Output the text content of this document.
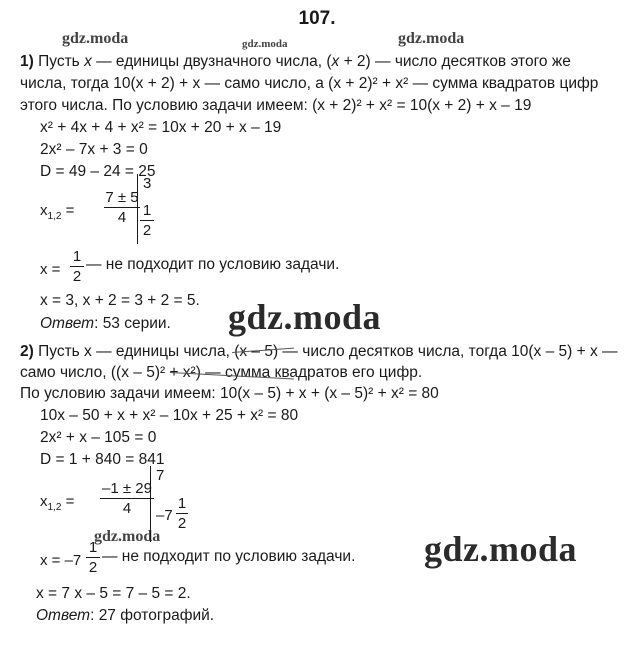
107.
gdz.moda	gdz.moda	gdz.moda
gdz.moda
gdz.moda	gdz.moda
1) Пусть x — единицы двузначного числа, (x + 2) — число десятков этого же
числа, тогда 10(x + 2) + x — само число, а (x + 2)² + x² — сумма квадратов цифр
этого числа. По условию задачи имеем: (x + 2)² + x² = 10(x + 2) + x – 19
x² + 4x + 4 + x² = 10x + 20 + x – 19
2x² – 7x + 3 = 0
D = 49 – 24 = 25
$x_{1,2}$ =
7 ± 5
4
3
1
2
x =
1
2
— не подходит по условию задачи.
x = 3, x + 2 = 3 + 2 = 5.
Ответ: 53 серии.
2) Пусть x — единицы числа, (x – 5) — число десятков числа, тогда 10(x – 5) + x —
само число, ((x – 5)² + x²) — сумма квадратов его цифр.
По условию задачи имеем: 10(x – 5) + x + (x – 5)² + x² = 80
10x – 50 + x + x² – 10x + 25 + x² = 80
2x² + x – 105 = 0
D = 1 + 840 = 841
$x_{1,2}$ =
–1 ± 29
4
7
–7
1
2
x = –7
1
2
— не подходит по условию задачи.
x = 7 x – 5 = 7 – 5 = 2.
Ответ: 27 фотографий.
